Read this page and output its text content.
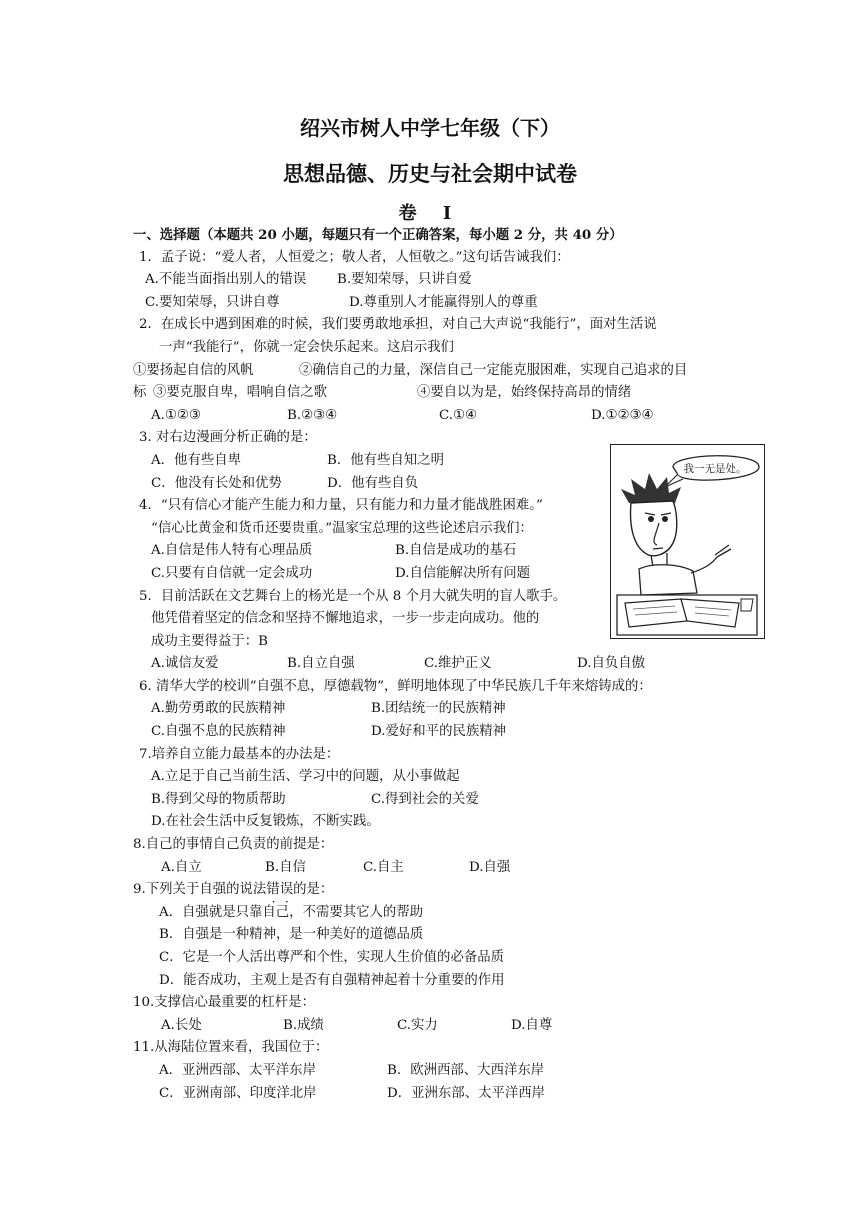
绍兴市树人中学七年级（下）
思想品德、历史与社会期中试卷
卷 Ⅰ
一、选择题（本题共 20 小题，每题只有一个正确答案，每小题 2 分，共 40 分）
1．孟子说：“爱人者，人恒爱之；敬人者，人恒敬之。”这句话告诫我们：
A.不能当面指出别人的错误 B.要知荣辱，只讲自爱
C.要知荣辱，只讲自尊	D.尊重别人才能赢得别人的尊重
2．在成长中遇到困难的时候，我们要勇敢地承担，对自己大声说“我能行”，面对生活说
一声“我能行”，你就一定会快乐起来。这启示我们
①要扬起自信的风帆	②确信自己的力量，深信自己一定能克服困难，实现自己追求的目
标 ③要克服自卑，唱响自信之歌	④要自以为是，始终保持高昂的情绪
A.①②③	B.②③④	C.①④	D.①②③④
3. 对右边漫画分析正确的是：
A．他有些自卑	B．他有些自知之明
C．他没有长处和优势	D．他有些自负
4．“只有信心才能产生能力和力量，只有能力和力量才能战胜困难。”
“信心比黄金和货币还要贵重。”温家宝总理的这些论述启示我们：
A.自信是伟人特有心理品质	B.自信是成功的基石
C.只要有自信就一定会成功	D.自信能解决所有问题
5．目前活跃在文艺舞台上的杨光是一个从 8 个月大就失明的盲人歌手。
他凭借着坚定的信念和坚持不懈地追求，一步一步走向成功。他的
成功主要得益于：B
A.诚信友爱	B.自立自强	C.维护正义	D.自负自傲
6. 清华大学的校训“自强不息，厚德载物”，鲜明地体现了中华民族几千年来熔铸成的：
A.勤劳勇敢的民族精神	B.团结统一的民族精神
C.自强不息的民族精神	D.爱好和平的民族精神
7.培养自立能力最基本的办法是：
A.立足于自己当前生活、学习中的问题，从小事做起
B.得到父母的物质帮助	C.得到社会的关爱
D.在社会生活中反复锻炼，不断实践。
8.自己的事情自己负责的前提是：
A.自立	B.自信	C.自主	D.自强
9.下列关于自强的说法错误的是：
A．自强就是只靠自己，不需要其它人的帮助
B．自强是一种精神，是一种美好的道德品质
C．它是一个人活出尊严和个性，实现人生价值的必备品质
D．能否成功，主观上是否有自强精神起着十分重要的作用
10.支撑信心最重要的杠杆是：
A.长处	B.成绩	C.实力	D.自尊
11.从海陆位置来看，我国位于：
A．亚洲西部、太平洋东岸	B．欧洲西部、大西洋东岸
C．亚洲南部、印度洋北岸	D．亚洲东部、太平洋西岸
我一无是处。
